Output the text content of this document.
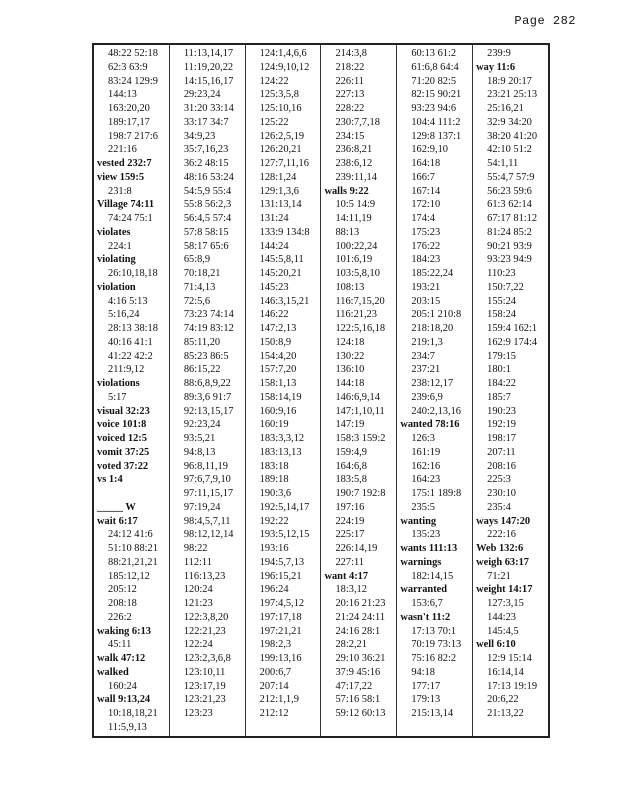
Page 282
48:22 52:18
62:3 63:9
83:24 129:9
144:13
163:20,20
189:17,17
198:7 217:6
221:16
vested 232:7
view 159:5
231:8
Village 74:11
74:24 75:1
violates
224:1
violating
26:10,18,18
violation
4:16 5:13
5:16,24
28:13 38:18
40:16 41:1
41:22 42:2
211:9,12
violations
5:17
visual 32:23
voice 101:8
voiced 12:5
vomit 37:25
voted 37:22
vs 1:4

_____ W
wait 6:17
24:12 41:6
51:10 88:21
88:21,21,21
185:12,12
205:12
208:18
226:2
waking 6:13
45:11
walk 47:12
walked
160:24
wall 9:13,24
10:18,18,21
11:5,9,13
11:13,14,17
11:19,20,22
14:15,16,17
29:23,24
31:20 33:14
33:17 34:7
34:9,23
35:7,16,23
36:2 48:15
48:16 53:24
54:5,9 55:4
55:8 56:2,3
56:4,5 57:4
57:8 58:15
58:17 65:6
65:8,9
70:18,21
71:4,13
72:5,6
73:23 74:14
74:19 83:12
85:11,20
85:23 86:5
86:15,22
88:6,8,9,22
89:3,6 91:7
92:13,15,17
92:23,24
93:5,21
94:8,13
96:8,11,19
97:6,7,9,10
97:11,15,17
97:19,24
98:4,5,7,11
98:12,12,14
98:22
112:11
116:13,23
120:24
121:23
122:3,8,20
122:21,23
122:24
123:2,3,6,8
123:10,11
123:17,19
123:21,23
123:23
124:1,4,6,6
124:9,10,12
124:22
125:3,5,8
125:10,16
125:22
126:2,5,19
126:20,21
127:7,11,16
128:1,24
129:1,3,6
131:13,14
131:24
133:9 134:8
144:24
145:5,8,11
145:20,21
145:23
146:3,15,21
146:22
147:2,13
150:8,9
154:4,20
157:7,20
158:1,13
158:14,19
160:9,16
160:19
183:3,3,12
183:13,13
183:18
189:18
190:3,6
192:5,14,17
192:22
193:5,12,15
193:16
194:5,7,13
196:15,21
196:24
197:4,5,12
197:17,18
197:21,21
198:2,3
199:13,16
200:6,7
207:14
212:1,1,9
212:12
214:3,8
218:22
226:11
227:13
228:22
230:7,7,18
234:15
236:8,21
238:6,12
239:11,14
walls 9:22
10:5 14:9
14:11,19
88:13
100:22,24
101:6,19
103:5,8,10
108:13
116:7,15,20
116:21,23
122:5,16,18
124:18
130:22
136:10
144:18
146:6,9,14
147:1,10,11
147:19
158:3 159:2
159:4,9
164:6,8
183:5,8
190:7 192:8
197:16
224:19
225:17
226:14,19
227:11
want 4:17
18:3,12
20:16 21:23
21:24 24:11
24:16 28:1
28:2,21
29:10 36:21
37:9 45:16
47:17,22
57:16 58:1
59:12 60:13
60:13 61:2
61:6,8 64:4
71:20 82:5
82:15 90:21
93:23 94:6
104:4 111:2
129:8 137:1
162:9,10
164:18
166:7
167:14
172:10
174:4
175:23
176:22
184:23
185:22,24
193:21
203:15
205:1 210:8
218:18,20
219:1,3
234:7
237:21
238:12,17
239:6,9
240:2,13,16
wanted 78:16
126:3
161:19
162:16
164:23
175:1 189:8
235:5
wanting
135:23
wants 111:13
warnings
182:14,15
warranted
153:6,7
wasn't 11:2
17:13 70:1
70:19 73:13
75:16 82:2
94:18
177:17
179:13
215:13,14
239:9
way 11:6
18:9 20:17
23:21 25:13
25:16,21
32:9 34:20
38:20 41:20
42:10 51:2
54:1,11
55:4,7 57:9
56:23 59:6
61:3 62:14
67:17 81:12
81:24 85:2
90:21 93:9
93:23 94:9
110:23
150:7,22
155:24
158:24
159:4 162:1
162:9 174:4
179:15
180:1
184:22
185:7
190:23
192:19
198:17
207:11
208:16
225:3
230:10
235:4
ways 147:20
222:16
Web 132:6
weigh 63:17
71:21
weight 14:17
127:3,15
144:23
145:4,5
well 6:10
12:9 15:14
16:14,14
17:13 19:19
20:6,22
21:13,22
